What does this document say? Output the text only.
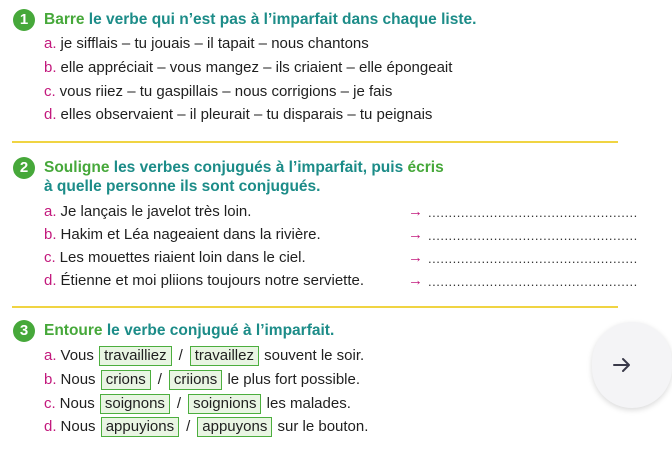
1	Barre le verbe qui n’est pas à l’imparfait dans chaque liste.
a. je sifflais – tu jouais – il tapait – nous chantons
b. elle appréciait – vous mangez – ils criaient – elle épongeait
c. vous riiez – tu gaspillais – nous corrigions – je fais
d. elles observaient – il pleurait – tu disparais – tu peignais
2	Souligne les verbes conjugués à l’imparfait, puis écris
à quelle personne ils sont conjugués.
a. Je lançais le javelot très loin.	→ ...................................................
b. Hakim et Léa nageaient dans la rivière.	→ ...................................................
c. Les mouettes riaient loin dans le ciel.	→ ...................................................
d. Étienne et moi pliions toujours notre serviette.	→ ...................................................
3	Entoure le verbe conjugué à l’imparfait.
a. Vous travailliez / travaillez souvent le soir.
b. Nous crions / criions le plus fort possible.
c. Nous soignons / soignions les malades.
d. Nous appuyions / appuyons sur le bouton.
